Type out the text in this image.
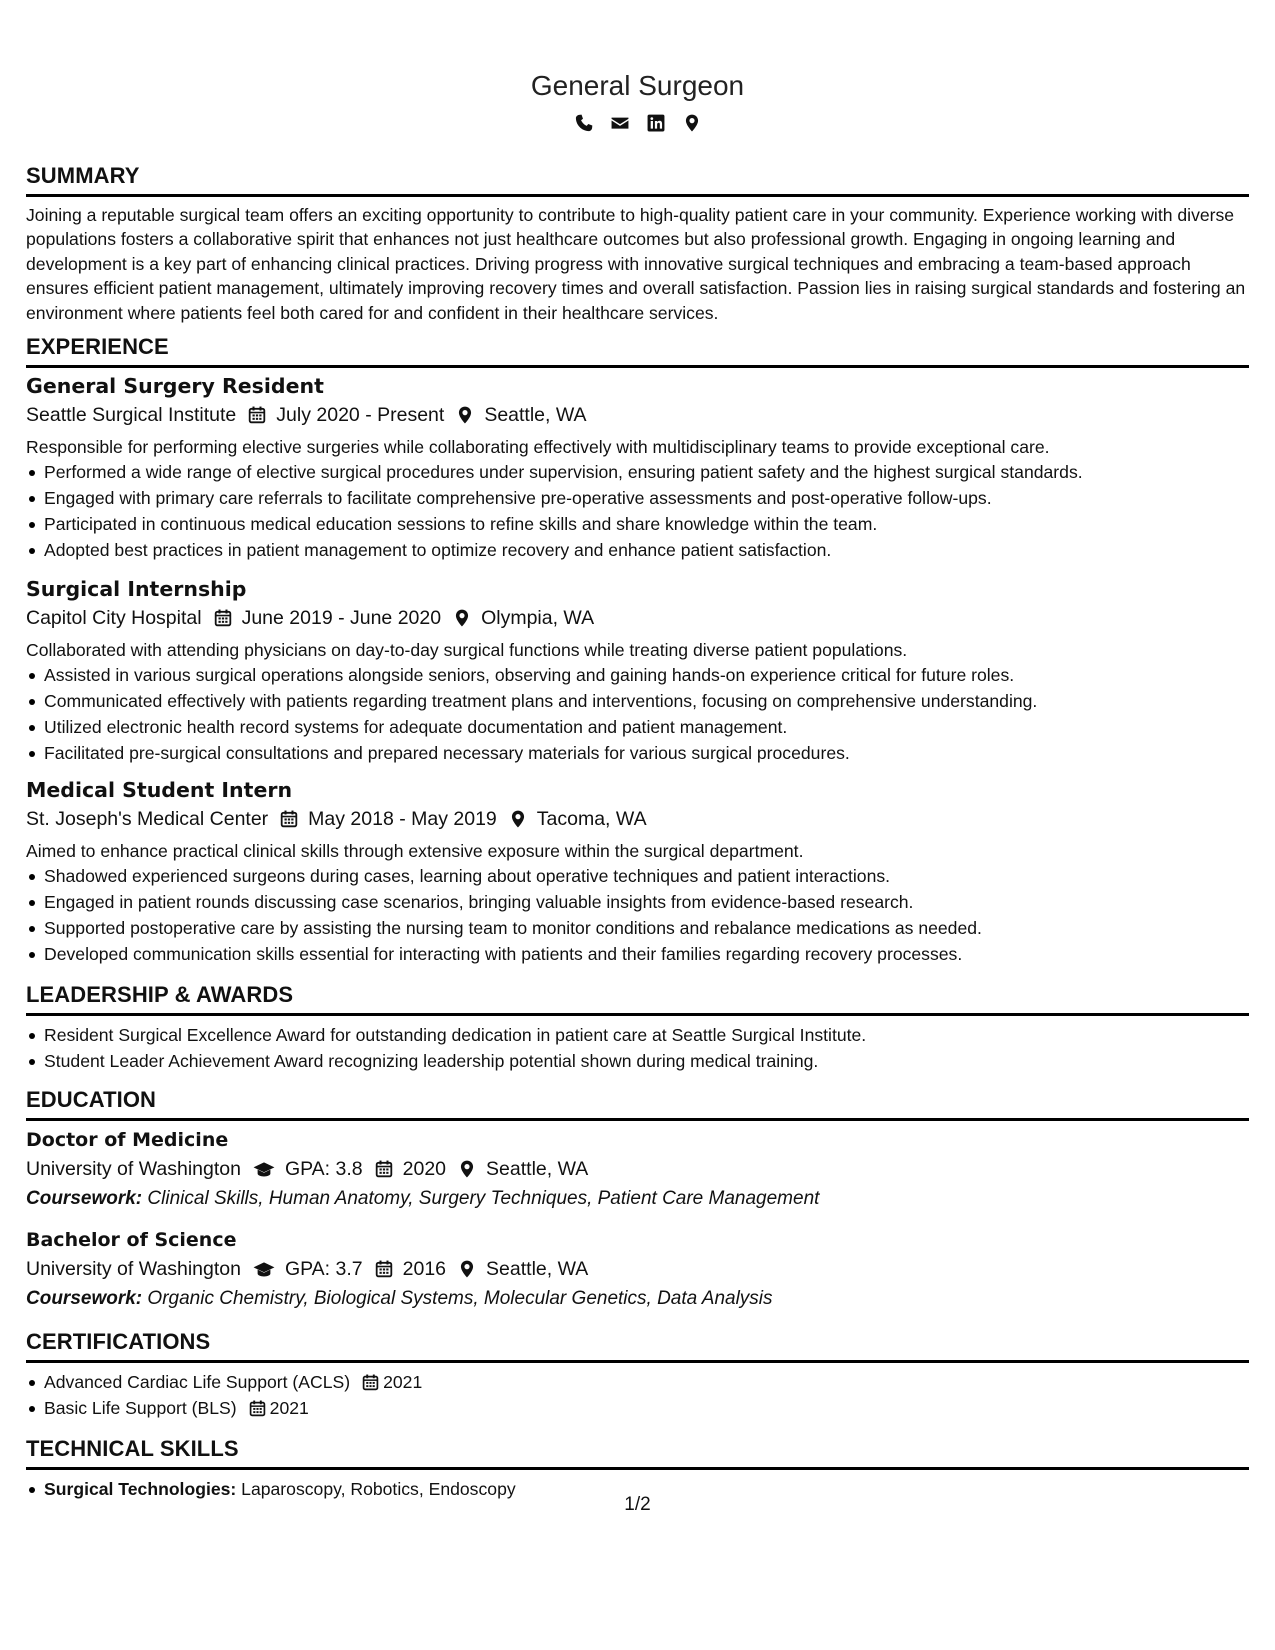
General Surgeon
SUMMARY
Joining a reputable surgical team offers an exciting opportunity to contribute to high-quality patient care in your community. Experience working with diverse populations fosters a collaborative spirit that enhances not just healthcare outcomes but also professional growth. Engaging in ongoing learning and development is a key part of enhancing clinical practices. Driving progress with innovative surgical techniques and embracing a team-based approach ensures efficient patient management, ultimately improving recovery times and overall satisfaction. Passion lies in raising surgical standards and fostering an environment where patients feel both cared for and confident in their healthcare services.
EXPERIENCE
General Surgery Resident
Seattle Surgical Institute July 2020 - Present Seattle, WA
Responsible for performing elective surgeries while collaborating effectively with multidisciplinary teams to provide exceptional care.
Performed a wide range of elective surgical procedures under supervision, ensuring patient safety and the highest surgical standards.
Engaged with primary care referrals to facilitate comprehensive pre-operative assessments and post-operative follow-ups.
Participated in continuous medical education sessions to refine skills and share knowledge within the team.
Adopted best practices in patient management to optimize recovery and enhance patient satisfaction.
Surgical Internship
Capitol City Hospital June 2019 - June 2020 Olympia, WA
Collaborated with attending physicians on day-to-day surgical functions while treating diverse patient populations.
Assisted in various surgical operations alongside seniors, observing and gaining hands-on experience critical for future roles.
Communicated effectively with patients regarding treatment plans and interventions, focusing on comprehensive understanding.
Utilized electronic health record systems for adequate documentation and patient management.
Facilitated pre-surgical consultations and prepared necessary materials for various surgical procedures.
Medical Student Intern
St. Joseph's Medical Center May 2018 - May 2019 Tacoma, WA
Aimed to enhance practical clinical skills through extensive exposure within the surgical department.
Shadowed experienced surgeons during cases, learning about operative techniques and patient interactions.
Engaged in patient rounds discussing case scenarios, bringing valuable insights from evidence-based research.
Supported postoperative care by assisting the nursing team to monitor conditions and rebalance medications as needed.
Developed communication skills essential for interacting with patients and their families regarding recovery processes.
LEADERSHIP & AWARDS
Resident Surgical Excellence Award for outstanding dedication in patient care at Seattle Surgical Institute.
Student Leader Achievement Award recognizing leadership potential shown during medical training.
EDUCATION
Doctor of Medicine
University of Washington GPA: 3.8 2020 Seattle, WA
Coursework: Clinical Skills, Human Anatomy, Surgery Techniques, Patient Care Management
Bachelor of Science
University of Washington GPA: 3.7 2016 Seattle, WA
Coursework: Organic Chemistry, Biological Systems, Molecular Genetics, Data Analysis
CERTIFICATIONS
Advanced Cardiac Life Support (ACLS) 2021
Basic Life Support (BLS) 2021
TECHNICAL SKILLS
Surgical Technologies: Laparoscopy, Robotics, Endoscopy
1/2
